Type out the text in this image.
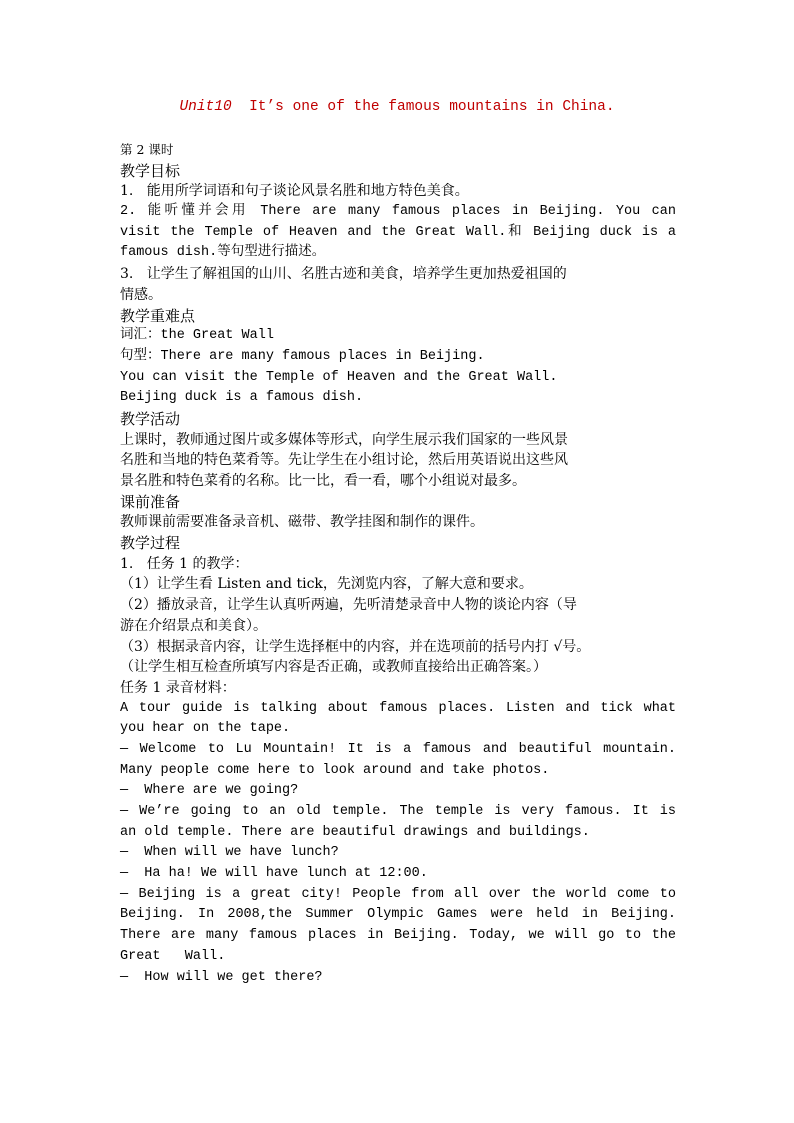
Unit10  It’s one of the famous mountains in China.
第 2 课时
教学目标
1.   能用所学词语和句子谈论风景名胜和地方特色美食。
2. 能听懂并会用 There are many famous places in Beijing. You can
visit the Temple of Heaven and the Great Wall.和 Beijing duck is a
famous dish.等句型进行描述。
3.   让学生了解祖国的山川、名胜古迹和美食，培养学生更加热爱祖国的
情感。
教学重难点
词汇：the Great Wall
句型：There are many famous places in Beijing.
You can visit the Temple of Heaven and the Great Wall.
Beijing duck is a famous dish.
教学活动
上课时，教师通过图片或多媒体等形式，向学生展示我们国家的一些风景
名胜和当地的特色菜肴等。先让学生在小组讨论，然后用英语说出这些风
景名胜和特色菜肴的名称。比一比，看一看，哪个小组说对最多。
课前准备
教师课前需要准备录音机、磁带、教学挂图和制作的课件。
教学过程
1.   任务 1 的教学：
（1）让学生看 Listen and tick，先浏览内容，了解大意和要求。
（2）播放录音，让学生认真听两遍，先听清楚录音中人物的谈论内容（导
游在介绍景点和美食）。
（3）根据录音内容，让学生选择框中的内容，并在选项前的括号内打 √号。
（让学生相互检查所填写内容是否正确，或教师直接给出正确答案。）
任务 1 录音材料：
A tour guide is talking about famous places. Listen and tick what
you hear on the tape.
— Welcome to Lu Mountain! It is a famous and beautiful mountain.
Many people come here to look around and take photos.
—  Where are we going?
— We’re going to an old temple. The temple is very famous. It is
an old temple. There are beautiful drawings and buildings.
—  When will we have lunch?
—  Ha ha! We will have lunch at 12:00.
— Beijing is a great city! People from all over the world come to
Beijing. In 2008,the Summer Olympic Games were held in Beijing.
There are many famous places in Beijing. Today, we will go to the
Great   Wall.
—  How will we get there?
